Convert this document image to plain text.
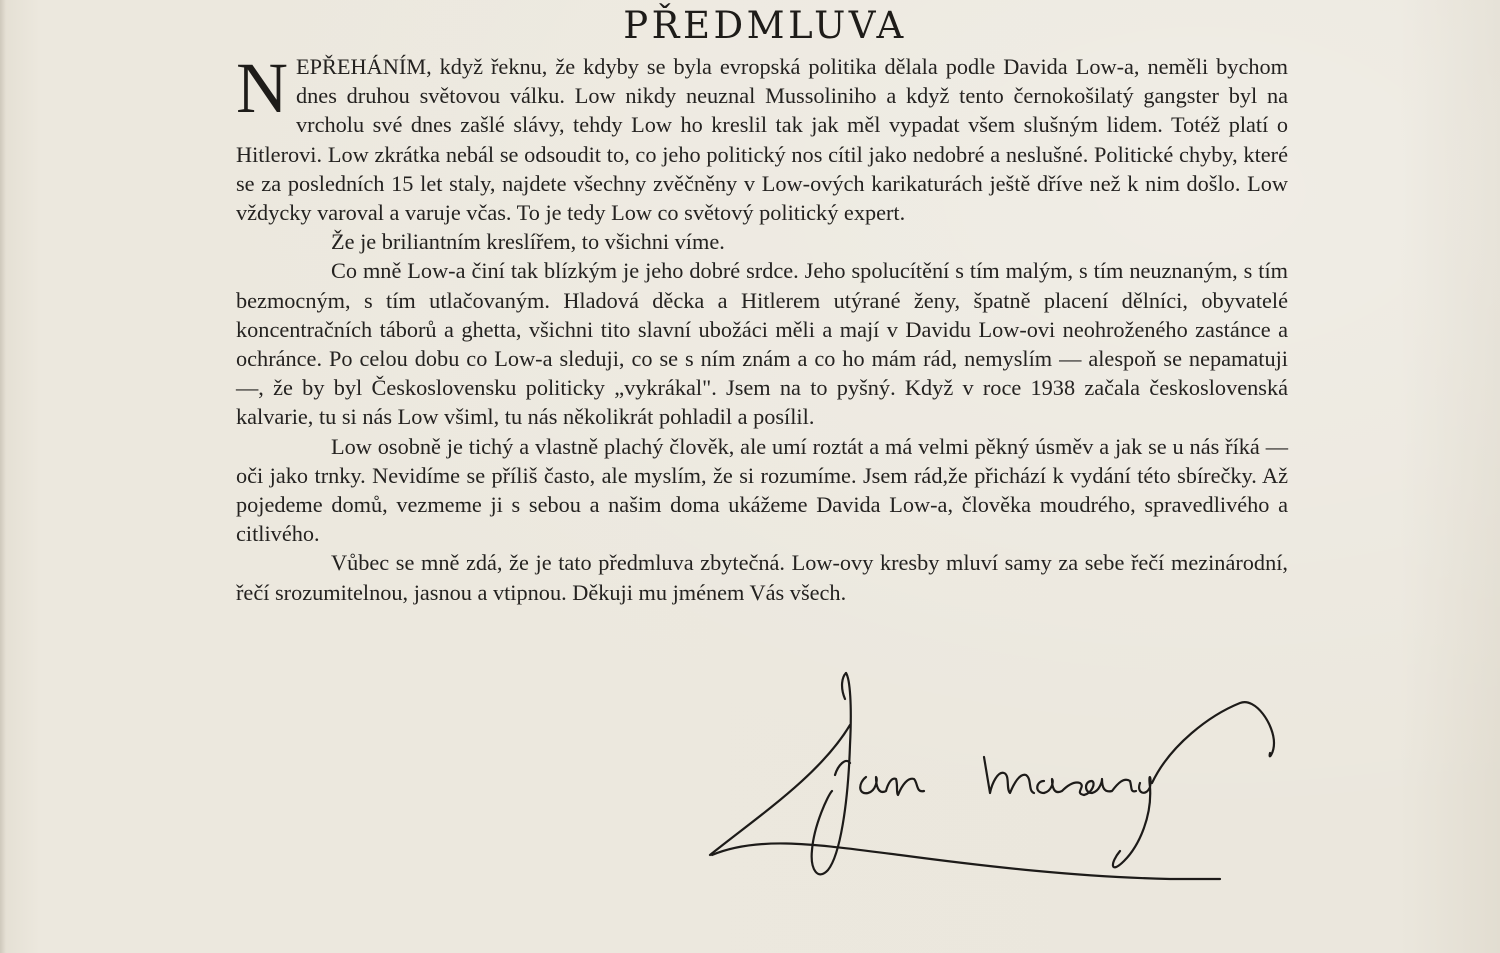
PŘEDMLUVA

NEPŘEHÁNÍM, když řeknu, že kdyby se byla evropská politika dělala podle Davida Low-a, neměli bychom dnes druhou světovou válku. Low nikdy neuznal Mussoliniho a když tento černokošilatý gangster byl na vrcholu své dnes zašlé slávy, tehdy Low ho kreslil tak jak měl vypadat všem slušným lidem. Totéž platí o Hitlerovi. Low zkrátka nebál se odsoudit to, co jeho politický nos cítil jako nedobré a neslušné. Politické chyby, které se za posledních 15 let staly, najdete všechny zvěčněny v Low-ových karikaturách ještě dříve než k nim došlo. Low vždycky varoval a varuje včas. To je tedy Low co světový politický expert.

Že je briliantním kreslířem, to všichni víme.

Co mně Low-a činí tak blízkým je jeho dobré srdce. Jeho spolucítění s tím malým, s tím neuznaným, s tím bezmocným, s tím utlačovaným. Hladová děcka a Hitlerem utýrané ženy, špatně placení dělníci, obyvatelé koncentračních táborů a ghetta, všichni tito slavní ubožáci měli a mají v Davidu Low-ovi neohroženého zastánce a ochránce. Po celou dobu co Low-a sleduji, co se s ním znám a co ho mám rád, nemyslím — alespoň se nepamatuji —, že by byl Československu politicky „vykrákal". Jsem na to pyšný. Když v roce 1938 začala československá kalvarie, tu si nás Low všiml, tu nás několikrát pohladil a posílil.

Low osobně je tichý a vlastně plachý člověk, ale umí roztát a má velmi pěkný úsměv a jak se u nás říká — oči jako trnky. Nevidíme se příliš často, ale myslím, že si rozumíme. Jsem rád,že přichází k vydání této sbírečky. Až pojedeme domů, vezmeme ji s sebou a našim doma ukážeme Davida Low-a, člověka moudrého, spravedlivého a citlivého.

Vůbec se mně zdá, že je tato předmluva zbytečná. Low-ovy kresby mluví samy za sebe řečí mezinárodní, řečí srozumitelnou, jasnou a vtipnou. Děkuji mu jménem Vás všech.
